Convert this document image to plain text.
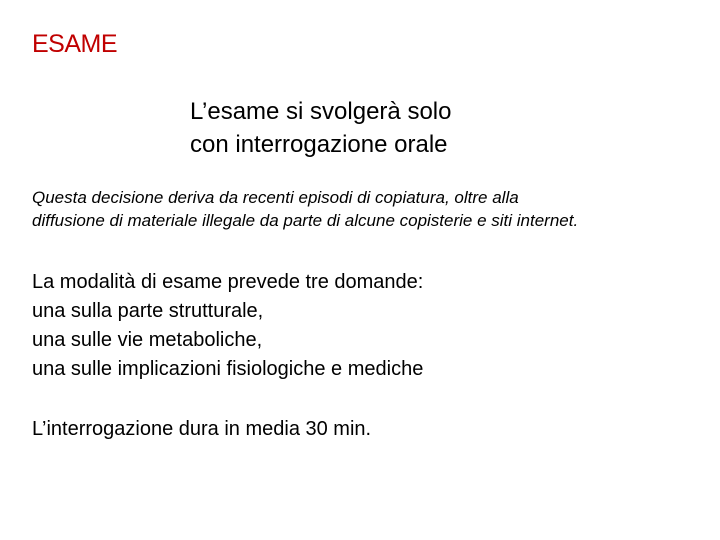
ESAME
L’esame si svolgerà solo
con interrogazione orale
Questa decisione deriva da recenti episodi di copiatura, oltre alla
diffusione di materiale illegale da parte di alcune copisterie e siti internet.
La modalità di esame prevede tre domande:
una sulla parte strutturale,
una sulle vie metaboliche,
una sulle implicazioni fisiologiche e mediche
L’interrogazione dura in media 30 min.
